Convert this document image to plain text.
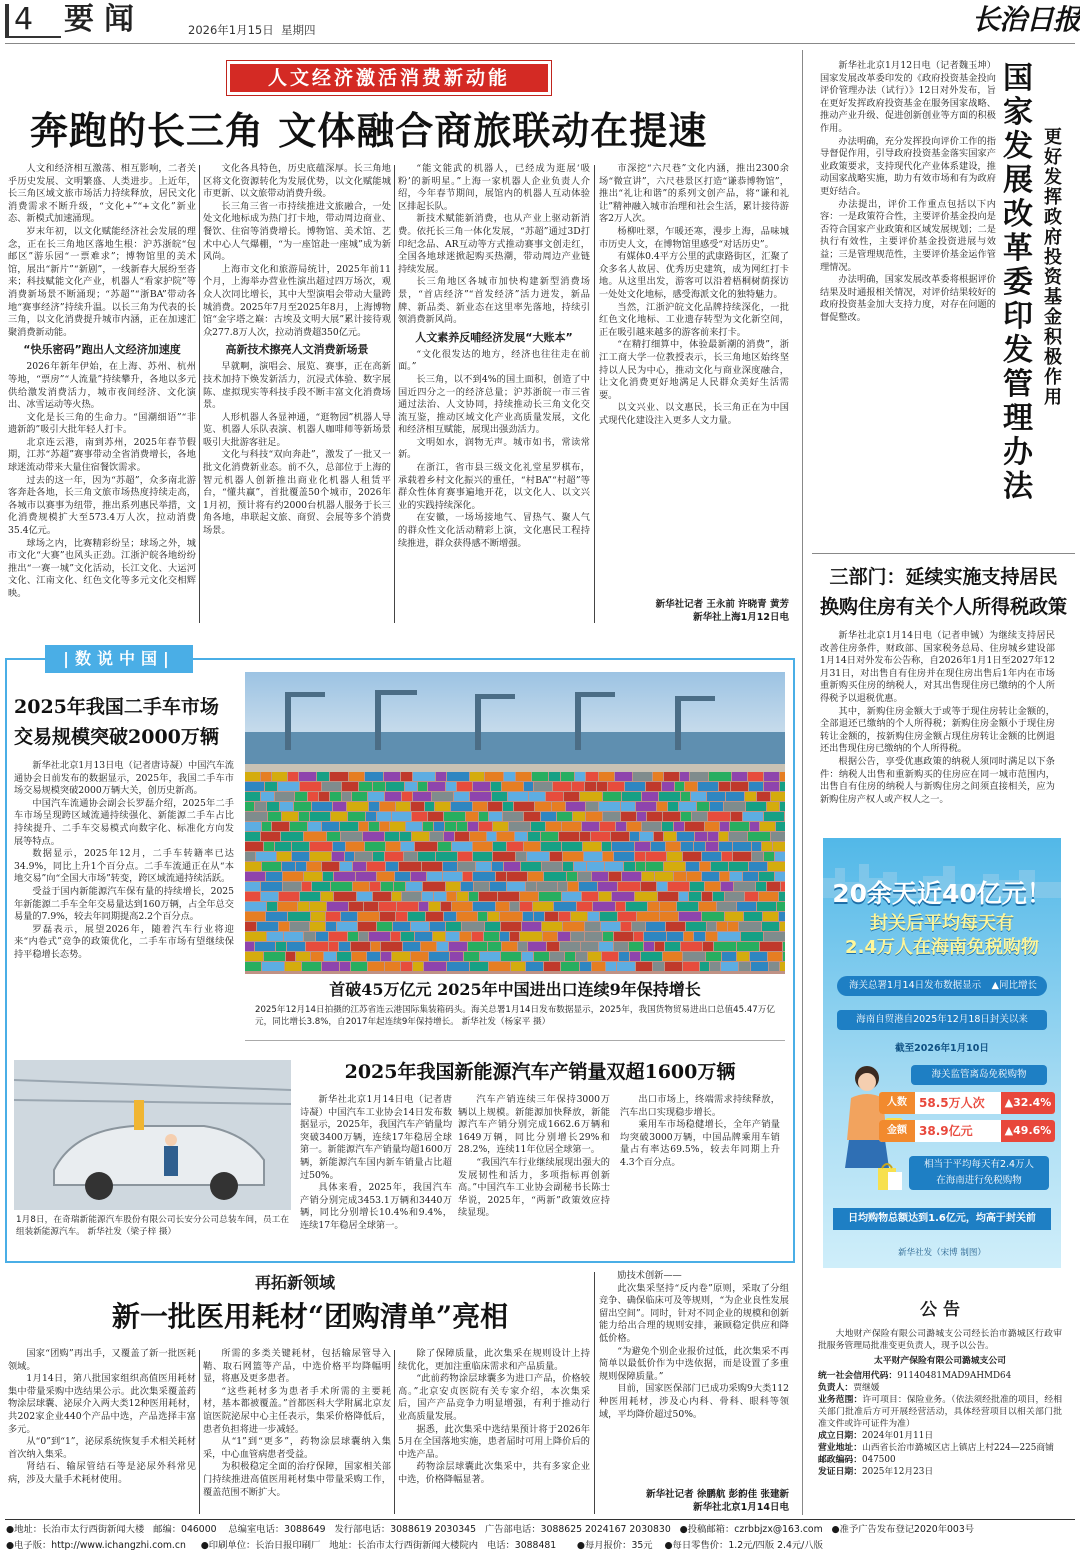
4 要闻	2026年1月15日 星期四	长治日报
人文经济激活消费新动能
奔跑的长三角 文体融合商旅联动在提速

人文和经济相互激荡、相互影响，二者关乎历史发展、文明繁盛、人类进步。上近年，长三角区域文旅市场活力持续释放，居民文化消费需求不断升级，“文化+”“+文化”新业态、新模式加速涌现。

岁末年初，以文化赋能经济社会发展的理念，正在长三角地区落地生根：沪苏浙皖“包邮区”游乐园“一票难求”；博物馆里的美术馆，展出“新片”“新剧”，一线新春大展纷至沓来；科技赋能文化产业，机器人“看家护院”等消费新场景不断涌现；“苏超”“浙BA”带动各地“赛事经济”持续升温。以长三角为代表的长三角，以文化消费提升城市内涵，正在加速汇聚消费新动能。

“快乐密码”跑出人文经济加速度

2026年新年伊始，在上海、苏州、杭州等地，“票房”“人流量”持续攀升，各地以多元供给激发消费活力，城市夜间经济、文化演出、冰雪运动等火热。

文化是长三角的生命力。“国潮细语”“非遗新韵”吸引大批年轻人打卡。

北京连云港，南到苏州，2025年春节假期，江苏“苏超”赛事带动全省消费增长，各地球迷流动带来大量住宿餐饮需求。

过去的这一年，因为“苏超”，众多南北游客奔赴各地，长三角文旅市场热度持续走高，各城市以赛事为纽带，推出系列惠民举措，文化消费规模扩大至573.4万人次，拉动消费35.4亿元。

球场之内，比赛精彩纷呈；球场之外，城市文化“大赛”也风头正劲。江浙沪皖各地纷纷推出“一赛一城”文化活动，长江文化、大运河文化、江南文化、红色文化等多元文化交相辉映。

文化各具特色，历史底蕴深厚。长三角地区将文化资源转化为发展优势，以文化赋能城市更新、以文旅带动消费升级。

长三角三省一市持续推进文旅融合，一处处文化地标成为热门打卡地，带动周边商业、餐饮、住宿等消费增长。博物馆、美术馆、艺术中心人气爆棚，“为一座馆赴一座城”成为新风尚。

上海市文化和旅游局统计，2025年前11个月，上海举办营业性演出超过四万场次，观众人次同比增长，其中大型演唱会带动大量跨城消费。2025年7月至2025年8月，上海博物馆“金字塔之巅：古埃及文明大展”累计接待观众277.8万人次，拉动消费超350亿元。

高新技术擦亮人文消费新场景

早就啊，演唱会、展览、赛事，正在高新技术加持下焕发新活力，沉浸式体验、数字展陈、虚拟现实等科技手段不断丰富文化消费场景。

人形机器人各显神通，“逛物园”机器人导览、机器人乐队表演、机器人咖啡师等新场景吸引大批游客驻足。

文化与科技“双向奔赴”，激发了一批又一批文化消费新业态。前不久，总部位于上海的智元机器人创新推出商业化机器人租赁平台，“懂共赢”，首批覆盖50个城市，2026年1月初，预计将有约2000台机器人服务于长三角各地，串联起文旅、商贸、会展等多个消费场景。

“能文能武的机器人，已经成为逛展‘吸粉’的新明星。”上海一家机器人企业负责人介绍，今年春节期间，展馆内的机器人互动体验区排起长队。

新技术赋能新消费，也从产业上驱动新消费。依托长三角一体化发展，“苏超”通过3D打印纪念品、AR互动等方式推动赛事文创走红，全国各地球迷掀起购买热潮，带动周边产业链持续发展。

长三角地区各城市加快构建新型消费场景，“首店经济”“首发经济”活力迸发，新品牌、新品类、新业态在这里率先落地，持续引领消费新风尚。

人文素养反哺经济发展“大账本”

“文化很发达的地方，经济也往往走在前面。”

长三角，以不到4%的国土面积，创造了中国近四分之一的经济总量；沪苏浙皖一市三省通过法治、人文协同，持续推动长三角文化交流互鉴，推动区域文化产业高质量发展，文化和经济相互赋能，展现出强劲活力。

文明如水，润物无声。城市如书，常读常新。

在浙江，省市县三级文化礼堂星罗棋布，承载着乡村文化振兴的重任，“村BA”“村超”等群众性体育赛事遍地开花，以文化人、以文兴业的实践持续深化。

在安徽，一场场接地气、冒热气、聚人气的群众性文化活动精彩上演，文化惠民工程持续推进，群众获得感不断增强。

市深挖“六尺巷”文化内涵，推出2300余场“微宣讲”，六尺巷景区打造“谦恭博物馆”，推出“礼让和谐”的系列文创产品，将“谦和礼让”精神融入城市治理和社会生活，累计接待游客2万人次。

杨柳吐翠，乍暖还寒，漫步上海，品味城市历史人文，在博物馆里感受“对话历史”。

有媒体0.4平方公里的武康路街区，汇聚了众多名人故居、优秀历史建筑，成为网红打卡地。从这里出发，游客可以沿着梧桐树荫探访一处处文化地标，感受海派文化的独特魅力。

当然，江浙沪皖文化品牌持续深化，一批红色文化地标、工业遗存转型为文化新空间，正在吸引越来越多的游客前来打卡。

“在精打细算中，体验最新潮的消费”，浙江工商大学一位教授表示，长三角地区始终坚持以人民为中心，推动文化与商业深度融合，让文化消费更好地满足人民群众美好生活需要。

以文兴业、以文惠民，长三角正在为中国式现代化建设注入更多人文力量。

新华社记者 王永前 许晓青 黄芳
新华社上海1月12日电

新华社北京1月12日电（记者魏玉坤）国家发展改革委印发的《政府投资基金投向评价管理办法（试行）》12日对外发布，旨在更好发挥政府投资基金在服务国家战略、推动产业升级、促进创新创业等方面的积极作用。

办法明确，充分发挥投向评价工作的指导督促作用，引导政府投资基金落实国家产业政策要求，支持现代化产业体系建设，推动国家战略实施，助力有效市场和有为政府更好结合。

办法提出，评价工作重点包括以下内容：一是政策符合性，主要评价基金投向是否符合国家产业政策和区域发展规划；二是执行有效性，主要评价基金投资进展与效益；三是管理规范性，主要评价基金运作管理情况。

办法明确，国家发展改革委将根据评价结果及时通报相关情况，对评价结果较好的政府投资基金加大支持力度，对存在问题的督促整改。

国家发展改革委印发管理办法
更好发挥政府投资基金积极作用
三部门：延续实施支持居民
换购住房有关个人所得税政策

新华社北京1月14日电（记者申铖）为继续支持居民改善住房条件，财政部、国家税务总局、住房城乡建设部1月14日对外发布公告称，自2026年1月1日至2027年12月31日，对出售自有住房并在现住房出售后1年内在市场重新购买住房的纳税人，对其出售现住房已缴纳的个人所得税予以退税优惠。

其中，新购住房金额大于或等于现住房转让金额的，全部退还已缴纳的个人所得税；新购住房金额小于现住房转让金额的，按新购住房金额占现住房转让金额的比例退还出售现住房已缴纳的个人所得税。

根据公告，享受优惠政策的纳税人须同时满足以下条件：纳税人出售和重新购买的住房应在同一城市范围内，出售自有住房的纳税人与新购住房之间须直接相关，应为新购住房产权人或产权人之一。

20余天近40亿元！
封关后平均每天有
2.4万人在海南免税购物
海关总署1月14日发布数据显示 ▲同比增长
海南自贸港自2025年12月18日封关以来
截至2026年1月10日
海关监管离岛免税购物
人数	58.5万人次	▲32.4%
金额	38.9亿元	▲49.6%
相当于平均每天有2.4万人
在海南进行免税购物
日均购物总额达到1.6亿元，均高于封关前
新华社发（宋博 制图）
公 告

大地财产保险有限公司潞城支公司经长治市潞城区行政审批服务管理局批准变更负责人，现予以公告。

太平财产保险有限公司潞城支公司
统一社会信用代码：91140481MAD9AHMD64
负责人：贾继媛
业务范围：许可项目：保险业务。（依法须经批准的项目，经相关部门批准后方可开展经营活动，具体经营项目以相关部门批准文件或许可证件为准）
成立日期：2024年01月11日
营业地址：山西省长治市潞城区店上镇店上村224—225商铺
邮政编码：047500
发证日期：2025年12月23日
|数说中国|
2025年我国二手车市场
交易规模突破2000万辆

新华社北京1月13日电（记者唐诗凝）中国汽车流通协会日前发布的数据显示，2025年，我国二手车市场交易规模突破2000万辆大关，创历史新高。

中国汽车流通协会副会长罗磊介绍，2025年二手车市场呈现跨区域流通持续强化、新能源二手车占比持续提升、二手车交易模式向数字化、标准化方向发展等特点。

数据显示，2025年12月，二手车转籍率已达34.9%，同比上升1个百分点。二手车流通正在从“本地交易”向“全国大市场”转变，跨区域流通持续活跃。

受益于国内新能源汽车保有量的持续增长，2025年新能源二手车全年交易量达到160万辆，占全年总交易量的7.9%，较去年同期提高2.2个百分点。

罗磊表示，展望2026年，随着汽车行业将迎来“内卷式”竞争的政策优化，二手车市场有望继续保持平稳增长态势。

首破45万亿元 2025年中国进出口连续9年保持增长
2025年12月14日拍摄的江苏省连云港国际集装箱码头。海关总署1月14日发布数据显示，2025年，我国货物贸易进出口总值45.47万亿元，同比增长3.8%，自2017年起连续9年保持增长。 新华社发（杨家平 摄）
1月8日，在奇瑞新能源汽车股份有限公司长安分公司总装车间，员工在组装新能源汽车。 新华社发（梁子梓 摄）
2025年我国新能源汽车产销量双超1600万辆

新华社北京1月14日电（记者唐诗凝）中国汽车工业协会14日发布数据显示，2025年，我国汽车产销量均突破3400万辆，连续17年稳居全球第一。新能源汽车产销量均超1600万辆，新能源汽车国内新车销量占比超过50%。

具体来看，2025年，我国汽车产销分别完成3453.1万辆和3440万辆，同比分别增长10.4%和9.4%，连续17年稳居全球第一。

汽车产销连续三年保持3000万辆以上规模。新能源加快释放，新能源汽车产销分别完成1662.6万辆和1649万辆，同比分别增长29%和28.2%，连续11年位居全球第一。

“我国汽车行业继续展现出强大的发展韧性和活力，多项指标再创新高。”中国汽车工业协会副秘书长陈士华说，2025年，“两新”政策效应持续显现。

出口市场上，终端需求持续释放，汽车出口实现稳步增长。

乘用车市场稳健增长，全年产销量均突破3000万辆，中国品牌乘用车销量占有率达69.5%，较去年同期上升4.3个百分点。

再拓新领域
新一批医用耗材“团购清单”亮相

国家“团购”再出手，又覆盖了新一批医耗领域。

1月14日，第八批国家组织高值医用耗材集中带量采购中选结果公示。此次集采覆盖药物涂层球囊、泌尿介入两大类12种医用耗材，共202家企业440个产品中选，产品选择丰富多元。

从“0”到“1”，泌尿系统恢复手术相关耗材首次纳入集采。

肾结石、输尿管结石等是泌尿外科常见病，涉及大量手术耗材使用。

所需的多类关键耗材，包括输尿管导入鞘、取石网篮等产品，中选价格平均降幅明显，将惠及更多患者。

“这些耗材多为患者手术所需的主要耗材，基本都被覆盖。”首都医科大学附属北京友谊医院泌尿中心主任表示，集采价格降低后，患者负担将进一步减轻。

从“1”到“更多”，药物涂层球囊纳入集采，中心血管病患者受益。

为积极稳定全面的治疗保障，国家相关部门持续推进高值医用耗材集中带量采购工作，覆盖范围不断扩大。

除了保障质量，此次集采在规则设计上持续优化，更加注重临床需求和产品质量。

“此前药物涂层球囊多为进口产品，价格较高。”北京安贞医院有关专家介绍，本次集采后，国产产品竞争力明显增强，有利于推动行业高质量发展。

据悉，此次集采中选结果预计将于2026年5月在全国落地实施，患者届时可用上降价后的中选产品。

药物涂层球囊此次集采中，共有多家企业中选，价格降幅显著。

励技术创新——

此次集采坚持“反内卷”原则，采取了分组竞争、确保临床可及等规则，“为企业良性发展留出空间”。同时，针对不同企业的规模和创新能力给出合理的规则安排，兼顾稳定供应和降低价格。

“为避免个别企业报价过低，此次集采不再简单以最低价作为中选依据，而是设置了多重规则保障质量。”

目前，国家医保部门已成功采购9大类112种医用耗材，涉及心内科、骨科、眼科等领域，平均降价超过50%。

新华社记者 徐鹏航 彭韵佳 张建新
新华社北京1月14日电
●地址：长治市太行西街新闻大楼 邮编：046000 总编室电话：3088649 发行部电话：3088619 2030345 广告部电话：3088625 2024167 2030830 ●投稿邮箱：czrbbjzx@163.com ●准予广告发布登记2020年003号
●电子版：http://www.ichangzhi.com.cn ●印刷单位：长治日报印刷厂 地址：长治市太行西街新闻大楼院内 电话：3088481 ●每月报价：35元 ●每日零售价：1.2元/四版 2.4元/八版
